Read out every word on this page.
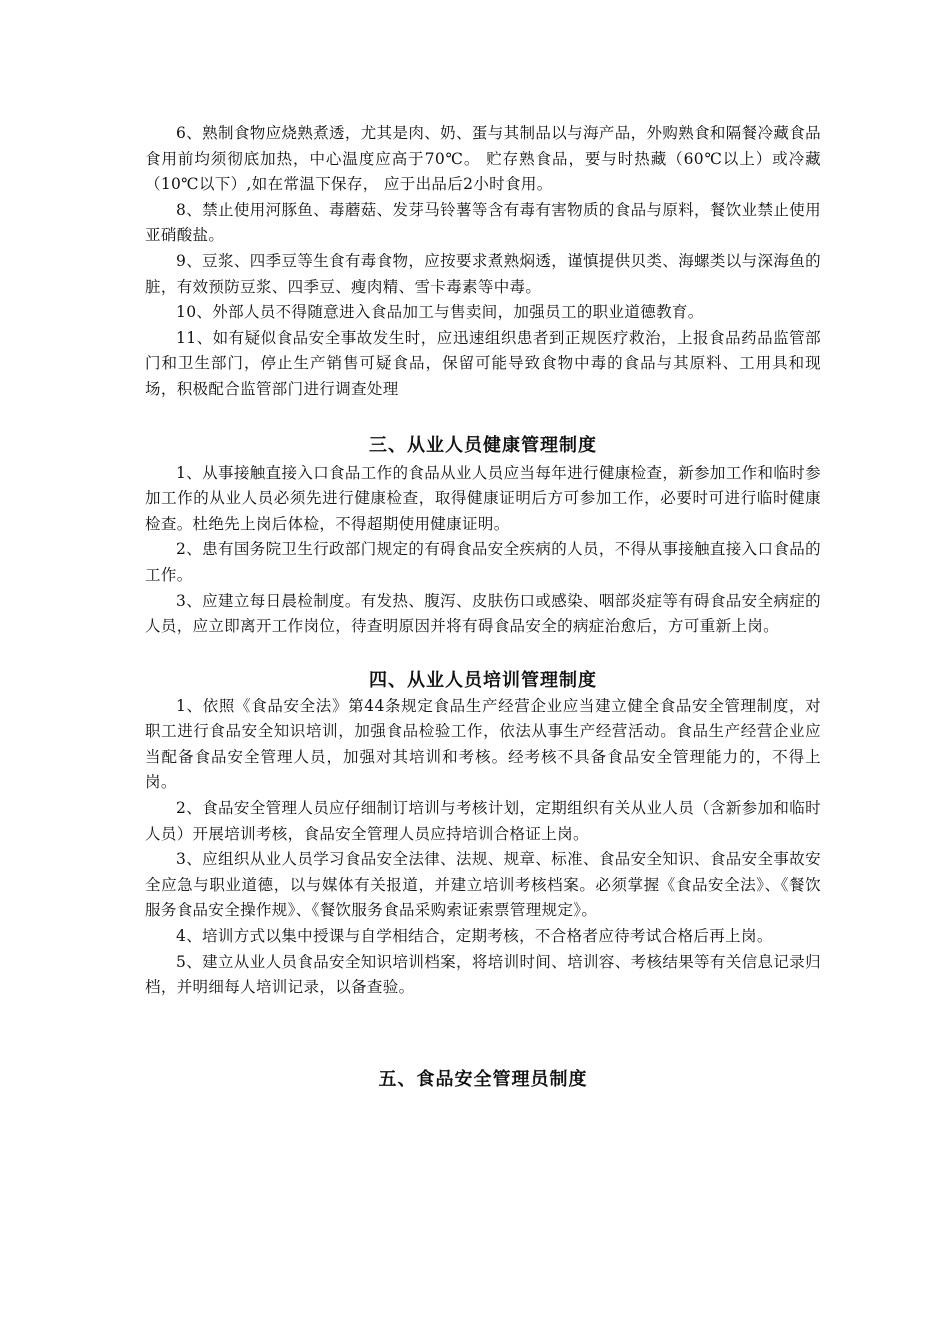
6、熟制食物应烧熟煮透，尤其是肉、奶、蛋与其制品以与海产品，外购熟食和隔餐冷藏食品食用前均须彻底加热，中心温度应高于70℃。 贮存熟食品，要与时热藏（60℃以上）或冷藏（10℃以下）,如在常温下保存， 应于出品后2小时食用。

8、禁止使用河豚鱼、毒蘑菇、发芽马铃薯等含有毒有害物质的食品与原料，餐饮业禁止使用亚硝酸盐。

9、豆浆、四季豆等生食有毒食物，应按要求煮熟焖透，谨慎提供贝类、海螺类以与深海鱼的脏，有效预防豆浆、四季豆、瘦肉精、雪卡毒素等中毒。

10、外部人员不得随意进入食品加工与售卖间，加强员工的职业道德教育。

11、如有疑似食品安全事故发生时，应迅速组织患者到正规医疗救治，上报食品药品监管部门和卫生部门，停止生产销售可疑食品，保留可能导致食物中毒的食品与其原料、工用具和现场，积极配合监管部门进行调查处理

三、从业人员健康管理制度

1、从事接触直接入口食品工作的食品从业人员应当每年进行健康检查，新参加工作和临时参加工作的从业人员必须先进行健康检查，取得健康证明后方可参加工作，必要时可进行临时健康检查。杜绝先上岗后体检，不得超期使用健康证明。

2、患有国务院卫生行政部门规定的有碍食品安全疾病的人员，不得从事接触直接入口食品的工作。

3、应建立每日晨检制度。有发热、腹泻、皮肤伤口或感染、咽部炎症等有碍食品安全病症的人员，应立即离开工作岗位，待查明原因并将有碍食品安全的病症治愈后，方可重新上岗。

四、从业人员培训管理制度

1、依照《食品安全法》第44条规定食品生产经营企业应当建立健全食品安全管理制度，对职工进行食品安全知识培训，加强食品检验工作，依法从事生产经营活动。食品生产经营企业应当配备食品安全管理人员，加强对其培训和考核。经考核不具备食品安全管理能力的，不得上岗。

2、食品安全管理人员应仔细制订培训与考核计划，定期组织有关从业人员（含新参加和临时人员）开展培训考核，食品安全管理人员应持培训合格证上岗。

3、应组织从业人员学习食品安全法律、法规、规章、标准、食品安全知识、食品安全事故安全应急与职业道德，以与媒体有关报道，并建立培训考核档案。必须掌握《食品安全法》、《餐饮服务食品安全操作规》、《餐饮服务食品采购索证索票管理规定》。

4、培训方式以集中授课与自学相结合，定期考核，不合格者应待考试合格后再上岗。

5、建立从业人员食品安全知识培训档案，将培训时间、培训容、考核结果等有关信息记录归档，并明细每人培训记录，以备查验。

五、食品安全管理员制度
